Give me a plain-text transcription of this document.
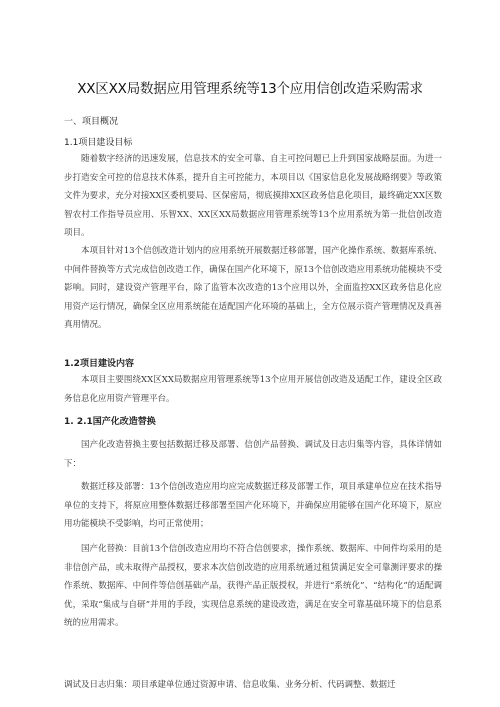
XX区XX局数据应用管理系统等13个应用信创改造采购需求
一、项目概况
1.1项目建设目标
随着数字经济的迅速发展，信息技术的安全可靠、自主可控问题已上升到国家战略层面。为进一步打造安全可控的信息技术体系，提升自主可控能力，本项目以《国家信息化发展战略纲要》等政策文件为要求，充分对接XX区委机要局、区保密局，彻底摸排XX区政务信息化项目，最终确定XX区数智农村工作指导员应用、乐智XX、XX区XX局数据应用管理系统等13个应用系统为第一批信创改造项目。
本项目针对13个信创改造计划内的应用系统开展数据迁移部署，国产化操作系统、数据库系统、中间件替换等方式完成信创改造工作，确保在国产化环境下，原13个信创改造应用系统功能模块不受影响。同时，建设资产管理平台，除了监管本次改造的13个应用以外，全面监控XX区政务信息化应用资产运行情况，确保全区应用系统能在适配国产化环境的基础上，全方位展示资产管理情况及真善真用情况。
1.2项目建设内容
本项目主要围绕XX区XX局数据应用管理系统等13个应用开展信创改造及适配工作，建设全区政务信息化应用资产管理平台。
1. 2.1国产化改造替换
国产化改造替换主要包括数据迁移及部署、信创产品替换、调试及日志归集等内容，具体详情如下：
数据迁移及部署：13个信创改造应用均应完成数据迁移及部署工作，项目承建单位应在技术指导单位的支持下，将原应用整体数据迁移部署至国产化环境下，并确保应用能够在国产化环境下，原应用功能模块不受影响，均可正常使用；
国产化替换：目前13个信创改造应用均不符合信创要求，操作系统、数据库、中间件均采用的是非信创产品，或未取得产品授权，要求本次信创改造的应用系统通过租赁满足安全可靠测评要求的操作系统、数据库、中间件等信创基础产品，获得产品正版授权，并进行“系统化”、“结构化”的适配调优，采取“集成与自研”并用的手段，实现信息系统的建设改造，满足在安全可靠基础环境下的信息系统的应用需求。
调试及日志归集：项目承建单位通过资源申请、信息收集、业务分析、代码调整、数据迁
